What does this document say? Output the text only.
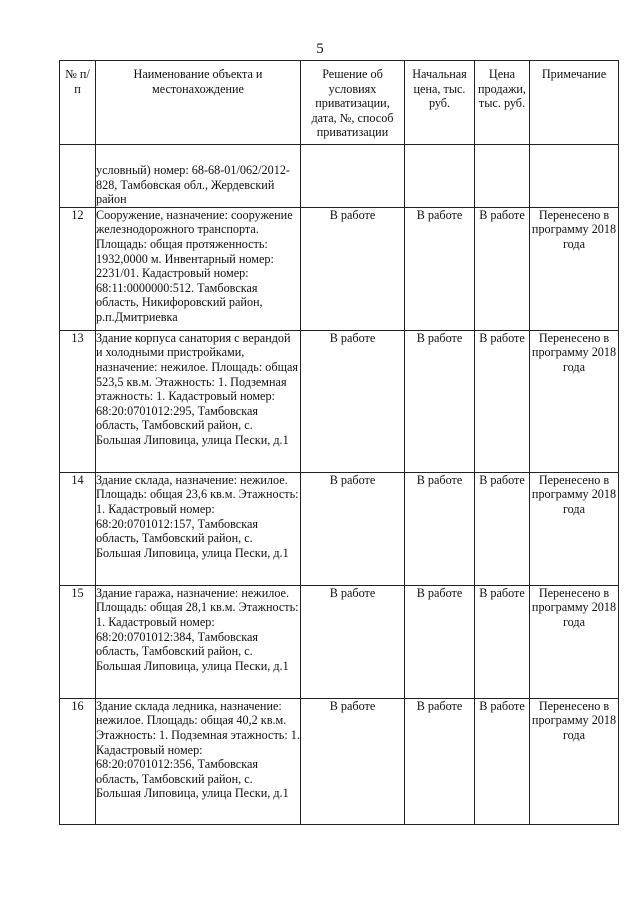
5
№ п/п	Наименование объекта и местонахождение	Решение об условиях приватизации, дата, №, способ приватизации	Начальная цена, тыс. руб.	Цена продажи, тыс. руб.	Примечание
	условный) номер: 68-68-01/062/2012-828, Тамбовская обл., Жердевский район				
12	Сооружение, назначение: сооружение железнодорожного транспорта. Площадь: общая протяженность: 1932,0000 м. Инвентарный номер: 2231/01. Кадастровый номер: 68:11:0000000:512. Тамбовская область, Никифоровский район, р.п.Дмитриевка	В работе	В работе	В работе	Перенесено в программу 2018 года
13	Здание корпуса санатория с верандой и холодными пристройками, назначение: нежилое. Площадь: общая 523,5 кв.м. Этажность: 1. Подземная этажность: 1. Кадастровый номер: 68:20:0701012:295, Тамбовская область, Тамбовский район, с. Большая Липовица, улица Пески, д.1	В работе	В работе	В работе	Перенесено в программу 2018 года
14	Здание склада, назначение: нежилое. Площадь: общая 23,6 кв.м. Этажность: 1. Кадастровый номер: 68:20:0701012:157, Тамбовская область, Тамбовский район, с. Большая Липовица, улица Пески, д.1	В работе	В работе	В работе	Перенесено в программу 2018 года
15	Здание гаража, назначение: нежилое. Площадь: общая 28,1 кв.м. Этажность: 1. Кадастровый номер: 68:20:0701012:384, Тамбовская область, Тамбовский район, с. Большая Липовица, улица Пески, д.1	В работе	В работе	В работе	Перенесено в программу 2018 года
16	Здание склада ледника, назначение: нежилое. Площадь: общая 40,2 кв.м. Этажность: 1. Подземная этажность: 1. Кадастровый номер: 68:20:0701012:356, Тамбовская область, Тамбовский район, с. Большая Липовица, улица Пески, д.1	В работе	В работе	В работе	Перенесено в программу 2018 года
